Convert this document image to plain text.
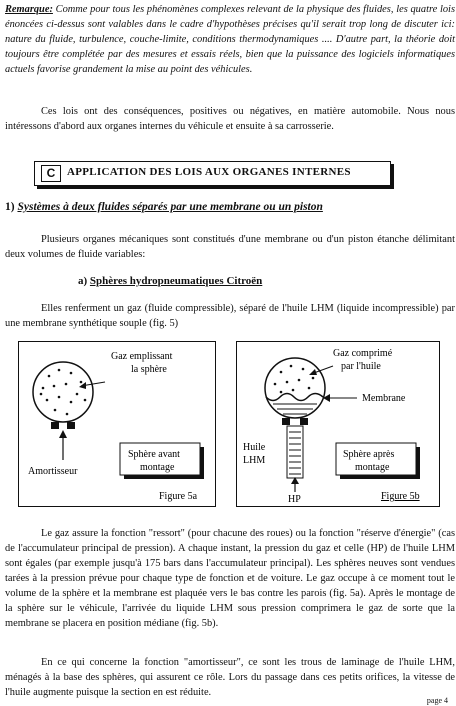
Remarque: Comme pour tous les phénomènes complexes relevant de la physique des fluides, les quatre lois énoncées ci-dessus sont valables dans le cadre d'hypothèses précises qu'il serait trop long de discuter ici: nature du fluide, turbulence, couche-limite, conditions thermodynamiques .... D'autre part, la théorie doit toujours être complétée par des mesures et essais réels, bien que la puissance des logiciels informatiques actuels favorise grandement la mise au point des véhicules.
Ces lois ont des conséquences, positives ou négatives, en matière automobile. Nous nous intéressons d'abord aux organes internes du véhicule et ensuite à sa carrosserie.
C	APPLICATION DES LOIS AUX ORGANES INTERNES
1) Systèmes à deux fluides séparés par une membrane ou un piston
Plusieurs organes mécaniques sont constitués d'une membrane ou d'un piston étanche délimitant deux volumes de fluide variables:
a) Sphères hydropneumatiques Citroën
Elles renferment un gaz (fluide compressible), séparé de l'huile LHM (liquide incompressible) par une membrane synthétique souple (fig. 5)
Gaz emplissant
la sphère
Sphère avant
montage
Amortisseur
Figure 5a
Gaz comprimé
par l'huile
Membrane
Huile
LHM
Sphère après
montage
HP	Figure 5b
Le gaz assure la fonction "ressort" (pour chacune des roues) ou la fonction "réserve d'énergie" (cas de l'accumulateur principal de pression). A chaque instant, la pression du gaz et celle (HP) de l'huile LHM sont égales (par exemple jusqu'à 175 bars dans l'accumulateur principal). Les sphères neuves sont vendues tarées à la pression prévue pour chaque type de fonction et de voiture. Le gaz occupe à ce moment tout le volume de la sphère et la membrane est plaquée vers le bas contre les parois (fig. 5a). Après le montage de la sphère sur le véhicule, l'arrivée du liquide LHM sous pression comprimera le gaz de sorte que la membrane se placera en position médiane (fig. 5b).
En ce qui concerne la fonction "amortisseur", ce sont les trous de laminage de l'huile LHM, ménagés à la base des sphères, qui assurent ce rôle. Lors du passage dans ces petits orifices, la vitesse de l'huile augmente puisque la section en est réduite.
page 4
